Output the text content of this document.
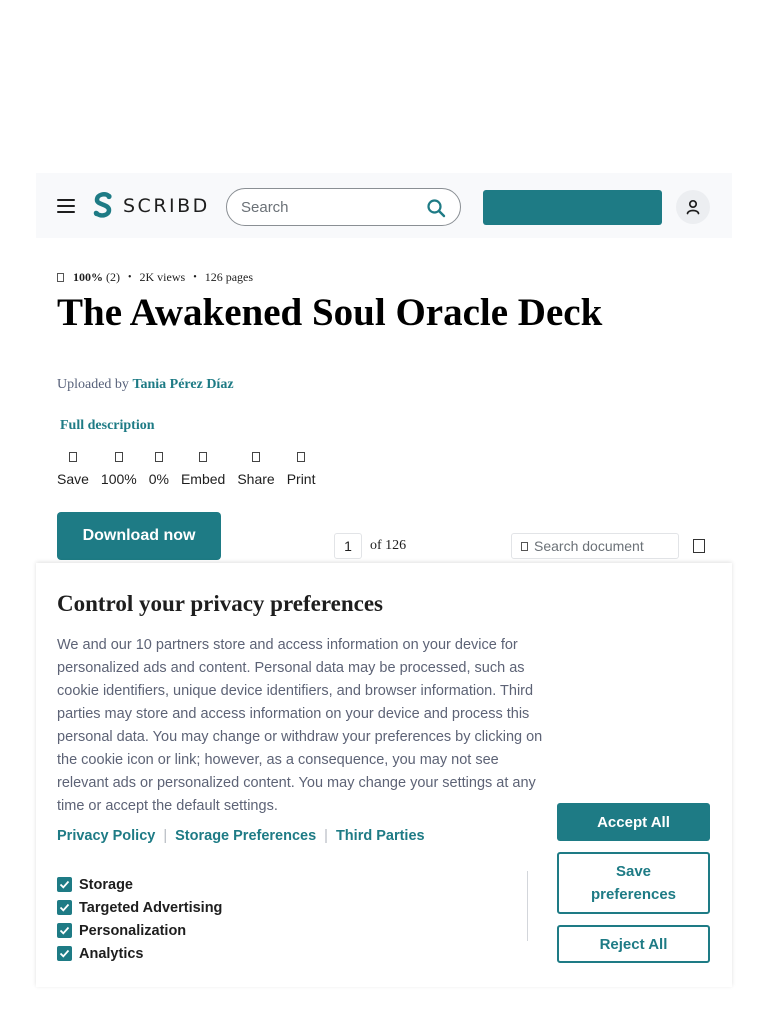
SCRIBD
Search
100% (2) • 2K views • 126 pages
The Awakened Soul Oracle Deck
Uploaded by Tania Pérez Díaz
Full description
Save 100% 0% Embed Share Print
Download now
1	of 126
Search document
Control your privacy preferences

We and our 10 partners store and access information on your device for personalized ads and content. Personal data may be processed, such as cookie identifiers, unique device identifiers, and browser information. Third parties may store and access information on your device and process this personal data. You may change or withdraw your preferences by clicking on the cookie icon or link; however, as a consequence, you may not see relevant ads or personalized content. You may change your settings at any time or accept the default settings.

Privacy Policy | Storage Preferences | Third Parties
Storage
Targeted Advertising
Personalization
Analytics
Accept All
Save preferences
Reject All
